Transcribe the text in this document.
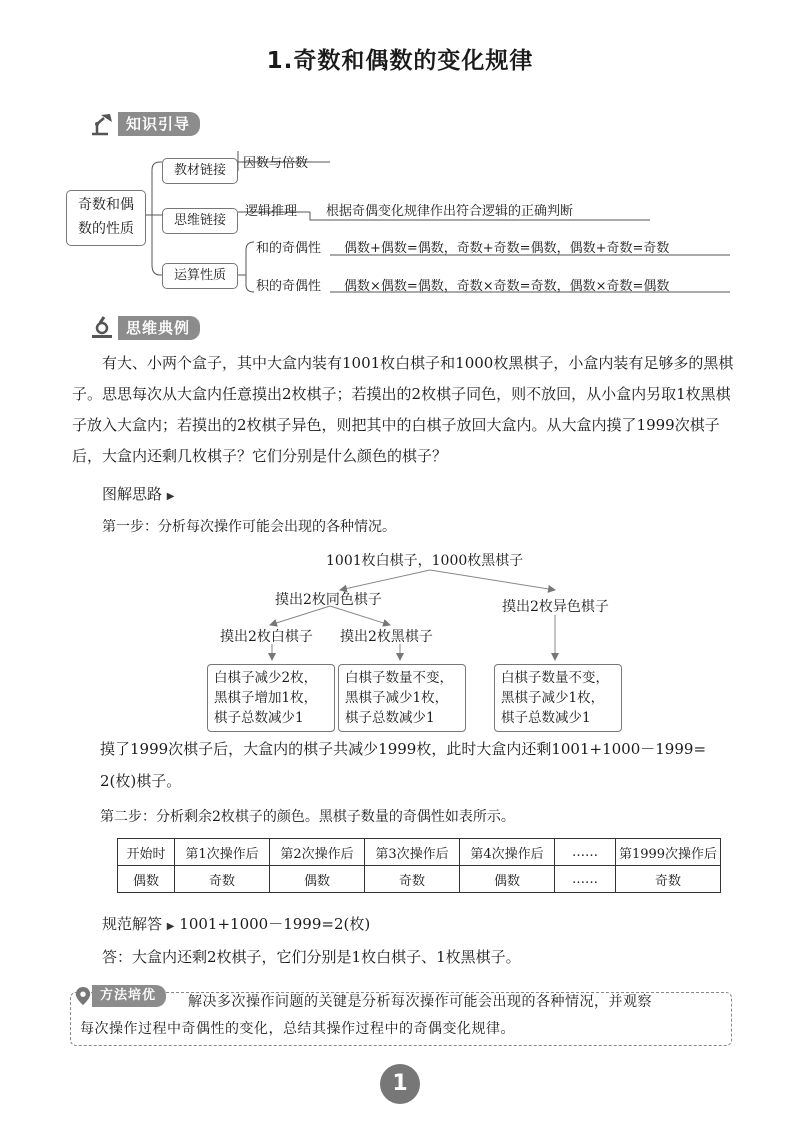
1.奇数和偶数的变化规律
知识引导
奇数和偶
数的性质
教材链接	因数与倍数
思维链接
逻辑推理 根据奇偶变化规律作出符合逻辑的正确判断
运算性质
和的奇偶性 偶数+偶数=偶数，奇数+奇数=偶数，偶数+奇数=奇数
积的奇偶性 偶数×偶数=偶数，奇数×奇数=奇数，偶数×奇数=偶数
思维典例
有大、小两个盒子，其中大盒内装有1001枚白棋子和1000枚黑棋子，小盒内装有足够多的黑棋子。思思每次从大盒内任意摸出2枚棋子；若摸出的2枚棋子同色，则不放回，从小盒内另取1枚黑棋子放入大盒内；若摸出的2枚棋子异色，则把其中的白棋子放回大盒内。从大盒内摸了1999次棋子后，大盒内还剩几枚棋子？它们分别是什么颜色的棋子？
图解思路 ▶
第一步：分析每次操作可能会出现的各种情况。
1001枚白棋子，1000枚黑棋子
摸出2枚同色棋子	摸出2枚异色棋子
摸出2枚白棋子 摸出2枚黑棋子
白棋子减少2枚，
黑棋子增加1枚，
棋子总数减少1
白棋子数量不变，
黑棋子减少1枚，
棋子总数减少1
白棋子数量不变，
黑棋子减少1枚，
棋子总数减少1
摸了1999次棋子后，大盒内的棋子共减少1999枚，此时大盒内还剩1001+1000－1999=
2(枚)棋子。
第二步：分析剩余2枚棋子的颜色。黑棋子数量的奇偶性如表所示。
开始时	第1次操作后	第2次操作后	第3次操作后	第4次操作后	……	第1999次操作后
偶数	奇数	偶数	奇数	偶数	……	奇数
规范解答 ▶ 1001+1000－1999=2(枚)
答：大盒内还剩2枚棋子，它们分别是1枚白棋子、1枚黑棋子。
方法培优	解决多次操作问题的关键是分析每次操作可能会出现的各种情况，并观察
每次操作过程中奇偶性的变化，总结其操作过程中的奇偶变化规律。
1
